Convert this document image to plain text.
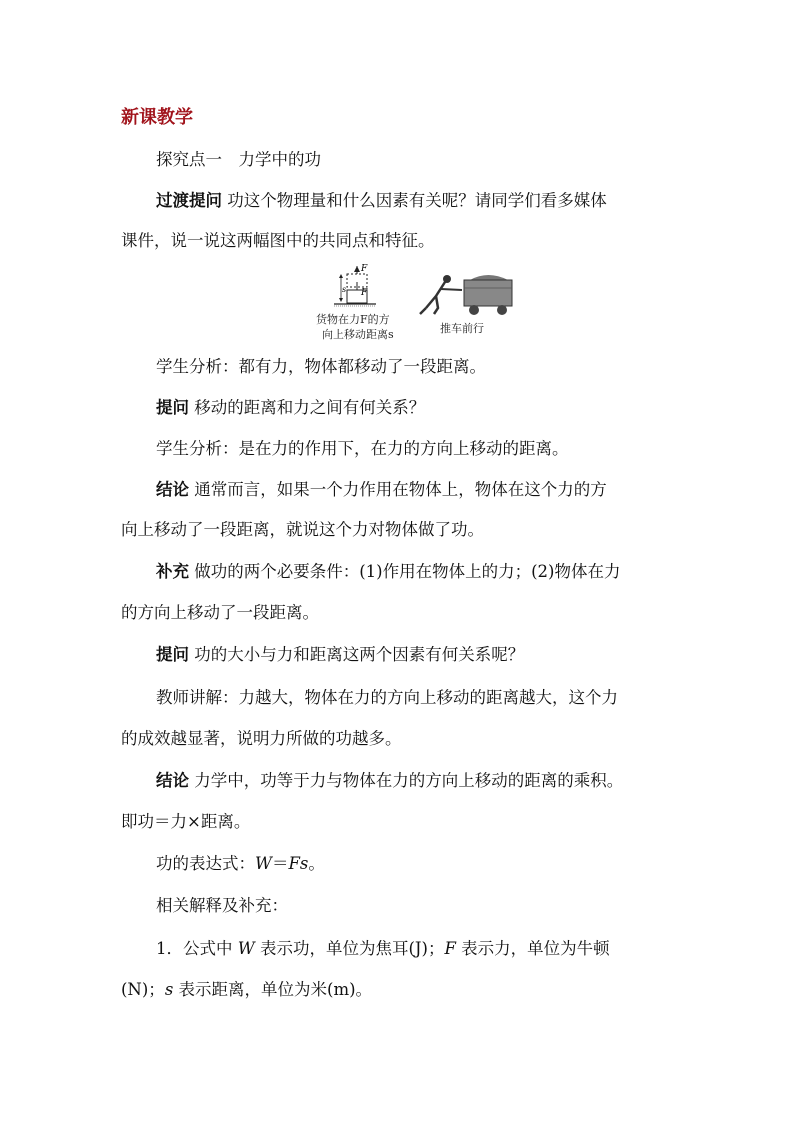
新课教学
探究点一　力学中的功
过渡提问 功这个物理量和什么因素有关呢？请同学们看多媒体
课件，说一说这两幅图中的共同点和特征。
F
F
s
货物在力F的方
向上移动距离s	推车前行
学生分析：都有力，物体都移动了一段距离。
提问 移动的距离和力之间有何关系？
学生分析：是在力的作用下，在力的方向上移动的距离。
结论 通常而言，如果一个力作用在物体上，物体在这个力的方
向上移动了一段距离，就说这个力对物体做了功。
补充 做功的两个必要条件：(1)作用在物体上的力；(2)物体在力
的方向上移动了一段距离。
提问 功的大小与力和距离这两个因素有何关系呢？
教师讲解：力越大，物体在力的方向上移动的距离越大，这个力
的成效越显著，说明力所做的功越多。
结论 力学中，功等于力与物体在力的方向上移动的距离的乘积。
即功＝力×距离。
功的表达式：W＝Fs。
相关解释及补充：
1．公式中 W 表示功，单位为焦耳(J)；F 表示力，单位为牛顿
(N)；s 表示距离，单位为米(m)。
